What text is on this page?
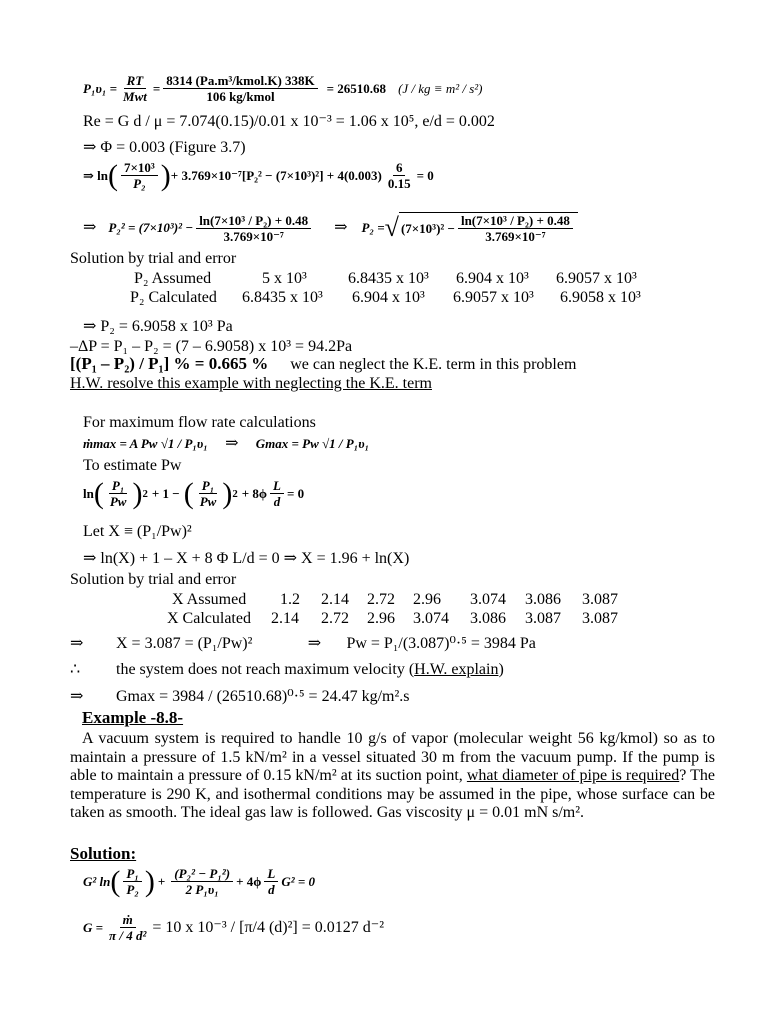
$P_1\upsilon_1 = \frac{RT}{\text{Mwt}} = \frac{\text{8314 (Pa.m³/kmol.K) 338K}}{\text{106 kg/kmol}} = 26510.68$ (J / kg ≡ m² / s²)
Re = G d / μ = 7.074(0.15)/0.01 x 10⁻³ = 1.06 x 10⁵, e/d = 0.002
⇒ Φ = 0.003 (Figure 3.7)
⇒ ln ( $\frac{\text{7×10³}}{\text{P₂}}$ ) + $3.769\times 10^{-7}[P_2^2 - (7\times 10^3)^2] + 4(0.003) \frac{6}{0.15} = 0$
⇒ $P_2^2 = (7\times 10^3)^2 - \frac{\text{ln(7×10³ / P₂) + 0.48}}{\text{3.769×10⁻⁷}}$ ⇒ P₂ = √ $(7\times 10^3)^2 - \frac{\text{ln(7×10³ / P₂) + 0.48}}{\text{3.769×10⁻⁷}}$
Solution by trial and error
P₂ Assumed	5 x 10³	6.8435 x 10³ 6.904 x 10³ 6.9057 x 10³
P₂ Calculated 6.8435 x 10³ 6.904 x 10³ 6.9057 x 10³ 6.9058 x 10³
⇒ P₂ = 6.9058 x 10³ Pa
–ΔP = P₁ – P₂ = (7 – 6.9058) x 10³ = 94.2Pa
[(P₁ – P₂) / P₁] % = 0.665 % we can neglect the K.E. term in this problem
H.W. resolve this example with neglecting the K.E. term
For maximum flow rate calculations
ṁmax = A Pw √1 / P₁υ₁ ⇒ Gmax = Pw √1 / P₁υ₁
To estimate Pw
ln ( $\frac{\text{P₁}}{Pw}$ ) 2 + 1 − ( $\frac{\text{P₁}}{Pw}$ ) $2 + 8\phi \frac{L}{d} = 0$
Let X ≡ (P₁/Pw)²
⇒ ln(X) + 1 – X + 8 Φ L/d = 0 ⇒ X = 1.96 + ln(X)
Solution by trial and error
X Assumed 1.2 2.14 2.72 2.96 3.074 3.086 3.087
X Calculated 2.14 2.72 2.96 3.074 3.086 3.087 3.087
⇒ X = 3.087 = (P₁/Pw)²	⇒ Pw = P₁/(3.087)⁰·⁵ = 3984 Pa
∴ the system does not reach maximum velocity (H.W. explain)
⇒ Gmax = 3984 / (26510.68)⁰·⁵ = 24.47 kg/m².s
Example -8.8-
A vacuum system is required to handle 10 g/s of vapor (molecular weight 56 kg/kmol) so as to maintain a pressure of 1.5 kN/m² in a vessel situated 30 m from the vacuum pump. If the pump is able to maintain a pressure of 0.15 kN/m² at its suction point, what diameter of pipe is required? The temperature is 290 K, and isothermal conditions may be assumed in the pipe, whose surface can be taken as smooth. The ideal gas law is followed. Gas viscosity μ = 0.01 mN s/m².
Solution:
G² ln ( $\frac{\text{P₁}}{\text{P₂}}$ ) + $\frac{\text{(P₂² − P₁²)}}{\text{2 P₁υ₁}} + 4\phi \frac{L}{d} G^2 = 0$
$G = \frac{\text{ṁ}}{\text{π / 4 d²}} = 10$ x 10⁻³ / [π/4 (d)²] = 0.0127 d⁻²
